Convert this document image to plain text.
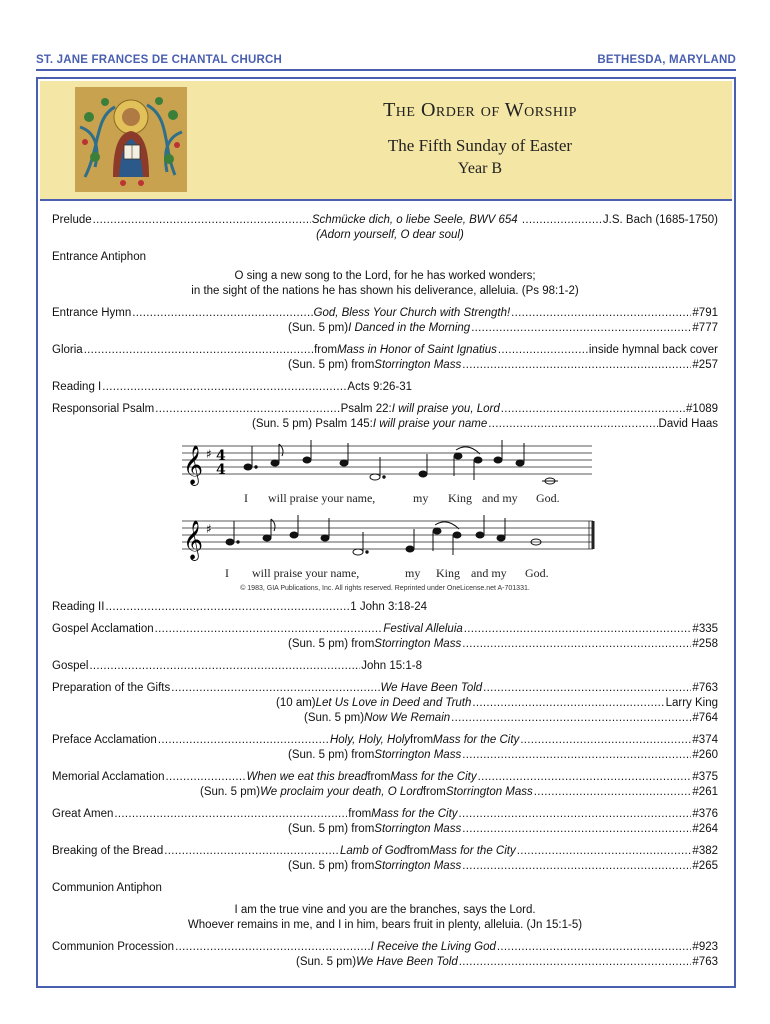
ST. JANE FRANCES DE CHANTAL CHURCH	BETHESDA, MARYLAND
The Order of Worship
The Fifth Sunday of Easter
Year B
Prelude .....	Schmücke dich, o liebe Seele, BWV 654
.....	J.S. Bach (1685-1750)
(Adorn yourself, O dear soul)
Entrance Antiphon
O sing a new song to the Lord, for he has worked wonders;
in the sight of the nations he has shown his deliverance, alleluia. (Ps 98:1-2)
Entrance Hymn .....	God, Bless Your Church with Strength! .....	#791
(Sun. 5 pm) I Danced in the Morning .....	#777
Gloria .....	from Mass in Honor of Saint Ignatius .....	inside hymnal back cover
(Sun. 5 pm) from Storrington Mass .....	#257
Reading I .....	Acts 9:26-31
Responsorial Psalm .....	Psalm 22: I will praise you, Lord .....	#1089
(Sun. 5 pm) Psalm 145: I will praise your name .....	David Haas
𝄞 ♯ 4
4
I will praise your name,	my King and my God.
𝄞 ♯
I will praise your name,	my King and my God.
© 1983, GIA Publications, Inc. All rights reserved. Reprinted under OneLicense.net A-701331.
Reading II .....	1 John 3:18-24
Gospel Acclamation .....	Festival Alleluia .....	#335
(Sun. 5 pm) from Storrington Mass .....	#258
Gospel .....	John 15:1-8
Preparation of the Gifts .....	We Have Been Told .....	#763
(10 am) Let Us Love in Deed and Truth .....	Larry King
(Sun. 5 pm) Now We Remain .....	#764
Preface Acclamation .....	Holy, Holy, Holy from Mass for the City .....	#374
(Sun. 5 pm) from Storrington Mass .....	#260
Memorial Acclamation .....	When we eat this bread from Mass for the City .....	#375
(Sun. 5 pm) We proclaim your death, O Lord from Storrington Mass .....	#261
Great Amen .....	from Mass for the City .....	#376
(Sun. 5 pm) from Storrington Mass .....	#264
Breaking of the Bread .....	Lamb of God from Mass for the City .....	#382
(Sun. 5 pm) from Storrington Mass .....	#265
Communion Antiphon
I am the true vine and you are the branches, says the Lord.
Whoever remains in me, and I in him, bears fruit in plenty, alleluia. (Jn 15:1-5)
Communion Procession .....	I Receive the Living God .....	#923
(Sun. 5 pm) We Have Been Told .....	#763
